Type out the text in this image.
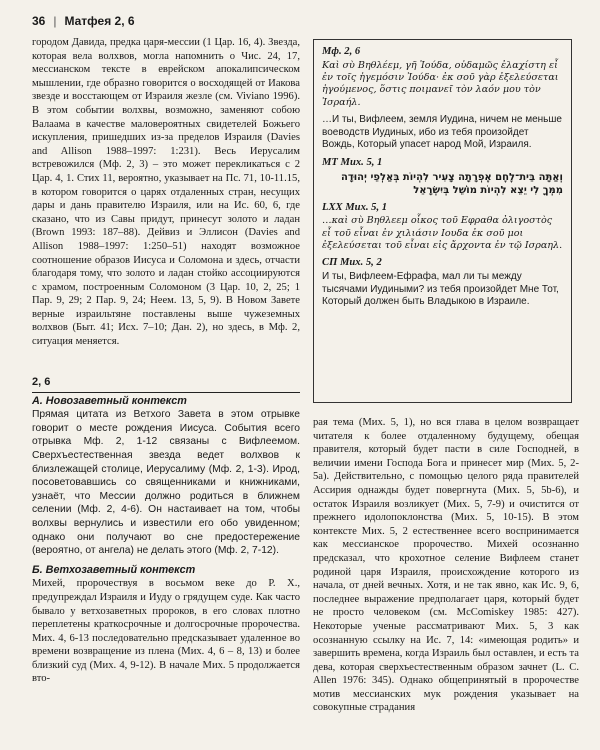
36 | Матфея 2, 6

городом Давида, предка царя-мессии (1 Цар. 16, 4). Звезда, которая вела волхвов, могла напомнить о Чис. 24, 17, мессианском тексте в еврейском апокалипсическом мышлении, где образно говорится о восходящей от Иакова звезде и восстающем от Израиля жезле (см. Viviano 1996). В этом событии волхвы, возможно, заменяют собою Валаама в качестве маловероятных свидетелей Божьего искупления, пришедших из-за пределов Израиля (Davies and Allison 1988–1997: 1:231). Весь Иерусалим встревожился (Мф. 2, 3) – это может перекликаться с 2 Цар. 4, 1. Стих 11, вероятно, указывает на Пс. 71, 10-11.15, в котором говорится о царях отдаленных стран, несущих дары и дань правителю Израиля, или на Ис. 60, 6, где сказано, что из Савы придут, принесут золото и ладан (Brown 1993: 187–88). Дейвиз и Эллисон (Davies and Allison 1988–1997: 1:250–51) находят возможное соотношение образов Иисуса и Соломона и здесь, отчасти благодаря тому, что золото и ладан стойко ассоциируются с храмом, построенным Соломоном (3 Цар. 10, 2, 25; 1 Пар. 9, 29; 2 Пар. 9, 24; Неем. 13, 5, 9). В Новом Завете верные израильтяне поставлены выше чужеземных волхвов (Быт. 41; Исх. 7–10; Дан. 2), но здесь, в Мф. 2, ситуация меняется.

Мф. 2, 6

Καὶ σὺ Βηθλέεμ, γῆ Ἰούδα, οὐδαμῶς ἐλαχίστη εἶ ἐν τοῖς ἡγεμόσιν Ἰούδα· ἐκ σοῦ γὰρ ἐξελεύσεται ἡγούμενος, ὅστις ποιμανεῖ τὸν λαόν μου τὸν Ἰσραήλ.

…И ты, Вифлеем, земля Иудина, ничем не меньше воеводств Иудиных, ибо из тебя произойдет Вождь, Который упасет народ Мой, Израиля.

MT Мих. 5, 1

וְאַתָּה בֵּית־לֶחֶם אֶפְרָתָה צָעִיר לִהְיוֹת בְּאַלְפֵי יְהוּדָה מִמְּךָ לִי יֵצֵא לִהְיוֹת מוֹשֵׁל בְּיִשְׂרָאֵל

LXX Мих. 5, 1

…καὶ σὺ Βηθλεεμ οἶκος τοῦ Εφραθα ὀλιγοστὸς εἶ τοῦ εἶναι ἐν χιλιάσιν Ιουδα ἐκ σοῦ μοι ἐξελεύσεται τοῦ εἶναι εἰς ἄρχοντα ἐν τῷ Ισραηλ.

СП Мих. 5, 2

И ты, Вифлеем-Ефрафа, мал ли ты между тысячами Иудиными? из тебя произойдет Мне Тот, Который должен быть Владыкою в Израиле.

2, 6

А. Новозаветный контекст

Прямая цитата из Ветхого Завета в этом отрывке говорит о месте рождения Иисуса. События всего отрывка Мф. 2, 1-12 связаны с Вифлеемом. Сверхъестественная звезда ведет волхвов к близлежащей столице, Иерусалиму (Мф. 2, 1-3). Ирод, посоветовавшись со священниками и книжниками, узнаёт, что Мессии должно родиться в ближнем селении (Мф. 2, 4-6). Он настаивает на том, чтобы волхвы вернулись и известили его обо увиденном; однако они получают во сне предостережение (вероятно, от ангела) не делать этого (Мф. 2, 7-12).

Б. Ветхозаветный контекст

Михей, пророчествуя в восьмом веке до Р. Х., предупреждал Израиля и Иуду о грядущем суде. Как часто бывало у ветхозаветных пророков, в его словах плотно переплетены краткосрочные и долгосрочные пророчества. Мих. 4, 6-13 последовательно предсказывает удаленное во времени возвращение из плена (Мих. 4, 6 – 8, 13) и более близкий суд (Мих. 4, 9-12). В начале Мих. 5 продолжается вто-

рая тема (Мих. 5, 1), но вся глава в целом возвращает читателя к более отдаленному будущему, обещая правителя, который будет пасти в силе Господней, в величии имени Господа Бога и принесет мир (Мих. 5, 2-5а). Действительно, с помощью целого ряда правителей Ассирия однажды будет повергнута (Мих. 5, 5b-6), и остаток Израиля возликует (Мих. 5, 7-9) и очистится от прежнего идолопоклонства (Мих. 5, 10-15). В этом контексте Мих. 5, 2 естественнее всего воспринимается как мессианское пророчество. Михей осознанно предсказал, что крохотное селение Вифлеем станет родиной царя Израиля, происхождение которого из начала, от дней вечных. Хотя, и не так явно, как Ис. 9, 6, последнее выражение предполагает царя, который будет не просто человеком (см. McComiskey 1985: 427). Некоторые ученые рассматривают Мих. 5, 3 как осознанную ссылку на Ис. 7, 14: «имеющая родить» и завершить времена, когда Израиль был оставлен, и есть та дева, которая сверхъестественным образом зачнет (L. C. Allen 1976: 345). Однако общепринятый в пророчестве мотив мессианских мук рождения указывает на совокупные страдания
